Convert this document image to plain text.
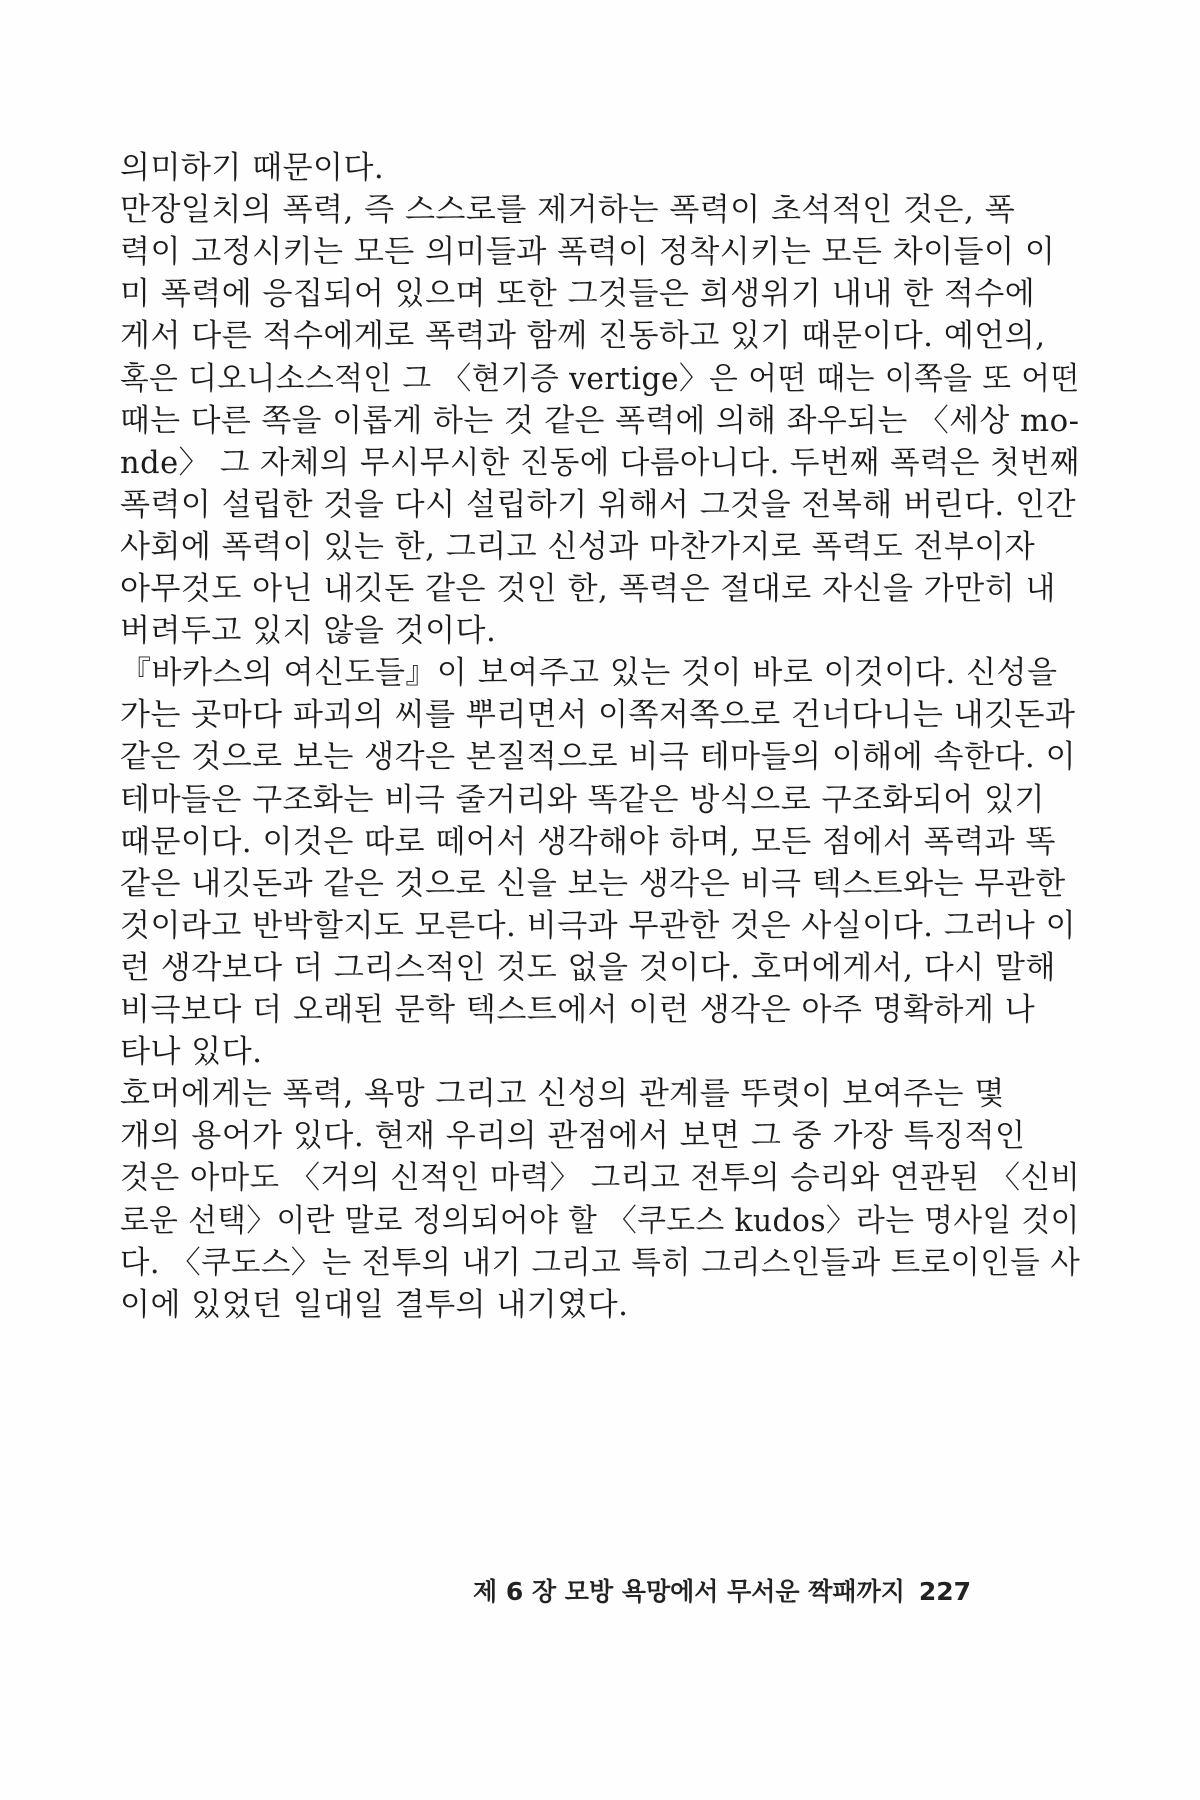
의미하기 때문이다.
만장일치의 폭력, 즉 스스로를 제거하는 폭력이 초석적인 것은, 폭
력이 고정시키는 모든 의미들과 폭력이 정착시키는 모든 차이들이 이
미 폭력에 응집되어 있으며 또한 그것들은 희생위기 내내 한 적수에
게서 다른 적수에게로 폭력과 함께 진동하고 있기 때문이다. 예언의,
혹은 디오니소스적인 그 〈현기증 vertige〉은 어떤 때는 이쪽을 또 어떤
때는 다른 쪽을 이롭게 하는 것 같은 폭력에 의해 좌우되는 〈세상 mo-
nde〉 그 자체의 무시무시한 진동에 다름아니다. 두번째 폭력은 첫번째
폭력이 설립한 것을 다시 설립하기 위해서 그것을 전복해 버린다. 인간
사회에 폭력이 있는 한, 그리고 신성과 마찬가지로 폭력도 전부이자
아무것도 아닌 내깃돈 같은 것인 한, 폭력은 절대로 자신을 가만히 내
버려두고 있지 않을 것이다.
『바카스의 여신도들』이 보여주고 있는 것이 바로 이것이다. 신성을
가는 곳마다 파괴의 씨를 뿌리면서 이쪽저쪽으로 건너다니는 내깃돈과
같은 것으로 보는 생각은 본질적으로 비극 테마들의 이해에 속한다. 이
테마들은 구조화는 비극 줄거리와 똑같은 방식으로 구조화되어 있기
때문이다. 이것은 따로 떼어서 생각해야 하며, 모든 점에서 폭력과 똑
같은 내깃돈과 같은 것으로 신을 보는 생각은 비극 텍스트와는 무관한
것이라고 반박할지도 모른다. 비극과 무관한 것은 사실이다. 그러나 이
런 생각보다 더 그리스적인 것도 없을 것이다. 호머에게서, 다시 말해
비극보다 더 오래된 문학 텍스트에서 이런 생각은 아주 명확하게 나
타나 있다.
호머에게는 폭력, 욕망 그리고 신성의 관계를 뚜렷이 보여주는 몇
개의 용어가 있다. 현재 우리의 관점에서 보면 그 중 가장 특징적인
것은 아마도 〈거의 신적인 마력〉 그리고 전투의 승리와 연관된 〈신비
로운 선택〉이란 말로 정의되어야 할 〈쿠도스 kudos〉라는 명사일 것이
다. 〈쿠도스〉는 전투의 내기 그리고 특히 그리스인들과 트로이인들 사
이에 있었던 일대일 결투의 내기였다.
제 6 장 모방 욕망에서 무서운 짝패까지 227
